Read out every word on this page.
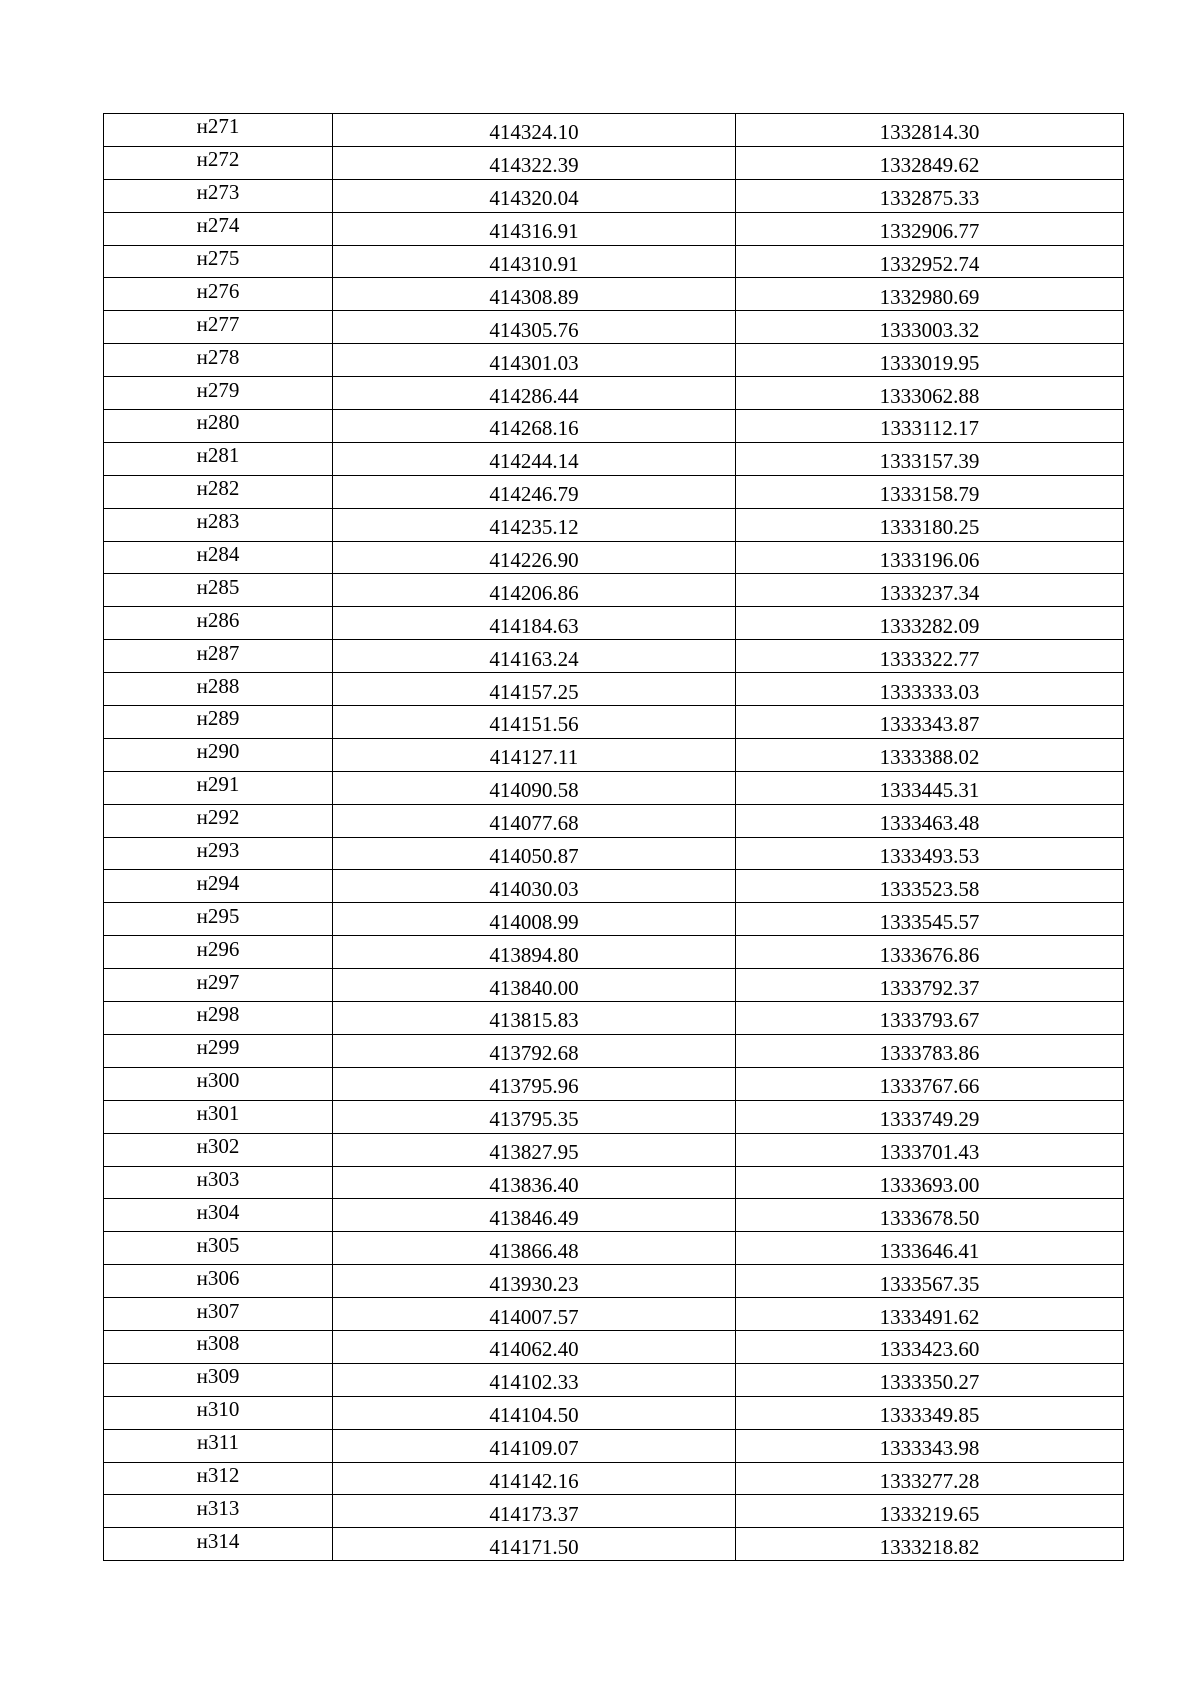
н271	414324.10	1332814.30
н272	414322.39	1332849.62
н273	414320.04	1332875.33
н274	414316.91	1332906.77
н275	414310.91	1332952.74
н276	414308.89	1332980.69
н277	414305.76	1333003.32
н278	414301.03	1333019.95
н279	414286.44	1333062.88
н280	414268.16	1333112.17
н281	414244.14	1333157.39
н282	414246.79	1333158.79
н283	414235.12	1333180.25
н284	414226.90	1333196.06
н285	414206.86	1333237.34
н286	414184.63	1333282.09
н287	414163.24	1333322.77
н288	414157.25	1333333.03
н289	414151.56	1333343.87
н290	414127.11	1333388.02
н291	414090.58	1333445.31
н292	414077.68	1333463.48
н293	414050.87	1333493.53
н294	414030.03	1333523.58
н295	414008.99	1333545.57
н296	413894.80	1333676.86
н297	413840.00	1333792.37
н298	413815.83	1333793.67
н299	413792.68	1333783.86
н300	413795.96	1333767.66
н301	413795.35	1333749.29
н302	413827.95	1333701.43
н303	413836.40	1333693.00
н304	413846.49	1333678.50
н305	413866.48	1333646.41
н306	413930.23	1333567.35
н307	414007.57	1333491.62
н308	414062.40	1333423.60
н309	414102.33	1333350.27
н310	414104.50	1333349.85
н311	414109.07	1333343.98
н312	414142.16	1333277.28
н313	414173.37	1333219.65
н314	414171.50	1333218.82
